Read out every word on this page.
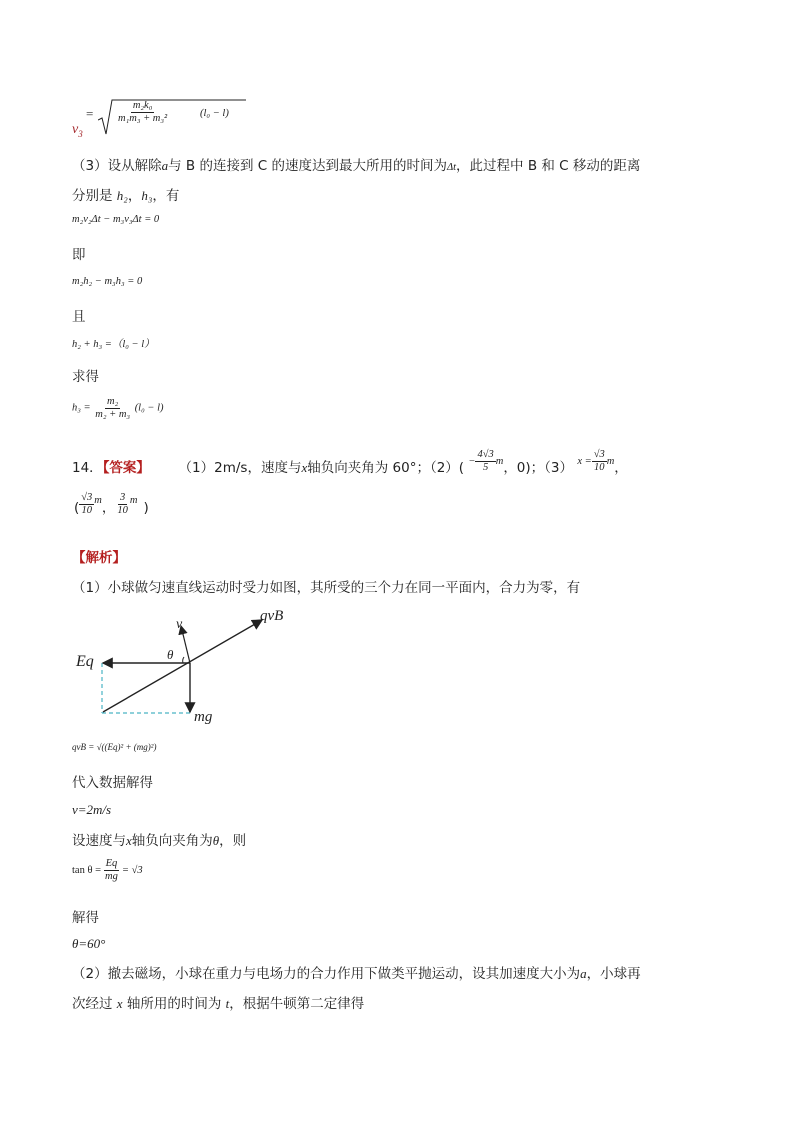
=
$v_3$
$\frac{\text{m₂k₀}}{\text{m₁m₃ + m₃²}}$	(l₀ − l)
（3）设从解除a与 B 的连接到 C 的速度达到最大所用的时间为Δt，此过程中 B 和 C 移动的距离
分别是 h₂，h₃，有
m₂v₂Δt − m₃v₃Δt = 0
即
m₂h₂ − m₃h₃ = 0
且
h₂ + h₃ =（l₀ − l）
求得
$h_3 = \frac{\text{m₂}}{\text{m₂ + m₃}} (l_0 - l)$
14．【答案】 （1）2m/s，速度与x轴负向夹角为 60°；$(2)( - \frac{4√3}{5}$ m ，0)；（3） $x = \frac{√3}{10}$ m ，
( $\frac{√3}{10}$ m ， $\frac{3}{10}$ m )
【解析】
（1）小球做匀速直线运动时受力如图，其所受的三个力在同一平面内，合力为零，有
qvB
v
θ
Eq
mg
qvB = √((Eq)² + (mg)²)
代入数据解得
v=2m/s
设速度与x轴负向夹角为θ，则
$\tan \theta = \frac{Eq}{mg} = √3$
解得
θ=60°
（2）撤去磁场，小球在重力与电场力的合力作用下做类平抛运动，设其加速度大小为a，小球再
次经过 x 轴所用的时间为 t，根据牛顿第二定律得
